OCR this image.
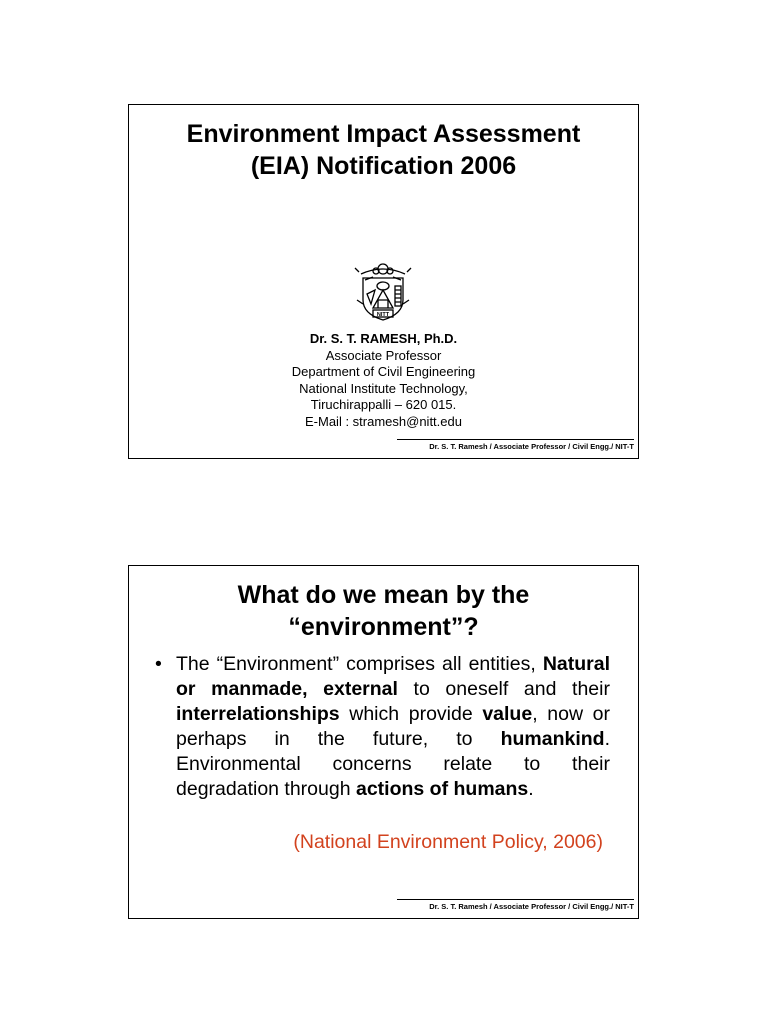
Environment Impact Assessment
(EIA) Notification 2006
NITT
Dr. S. T. RAMESH, Ph.D.
Associate Professor
Department of Civil Engineering
National Institute Technology,
Tiruchirappalli – 620 015.
E-Mail : stramesh@nitt.edu
Dr. S. T. Ramesh / Associate Professor / Civil Engg./ NIT-T
What do we mean by the
“environment”?
• The “Environment” comprises all entities, Natural or manmade, external to oneself and their interrelationships which provide value, now or perhaps in the future, to humankind. Environmental concerns relate to their degradation through actions of humans.
(National Environment Policy, 2006)
Dr. S. T. Ramesh / Associate Professor / Civil Engg./ NIT-T
